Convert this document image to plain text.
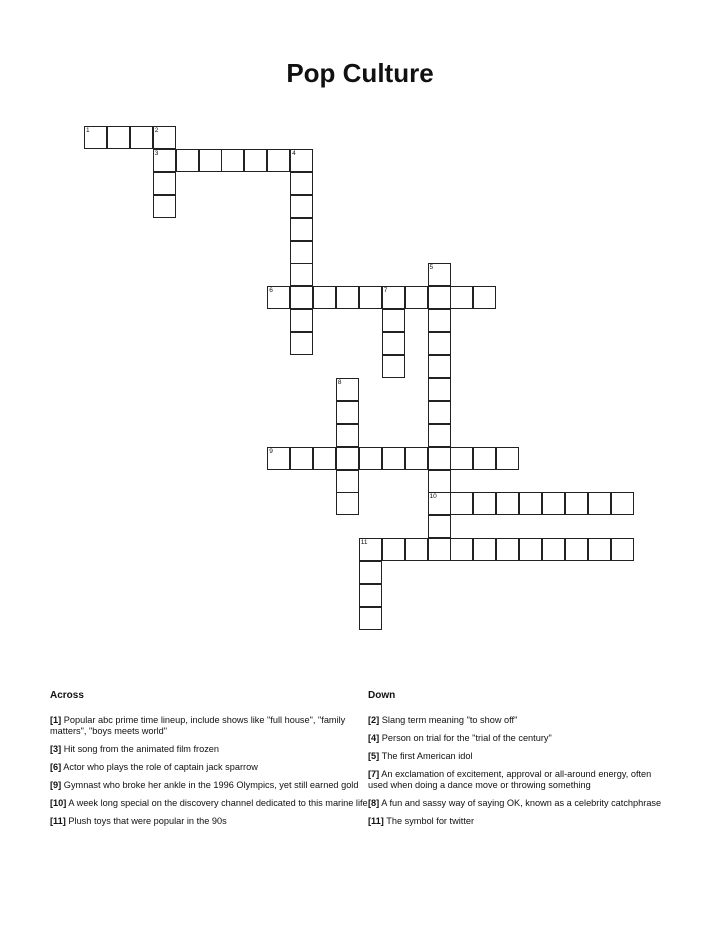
Pop Culture
1	2
3	4
5
10
6	7
8
9
11
Across
[1] Popular abc prime time lineup, include shows like "full house", "family matters", "boys meets world"
[3] Hit song from the animated film frozen
[6] Actor who plays the role of captain jack sparrow
[9] Gymnast who broke her ankle in the 1996 Olympics, yet still earned gold
[10] A week long special on the discovery channel dedicated to this marine life
[11] Plush toys that were popular in the 90s
Down
[2] Slang term meaning "to show off"
[4] Person on trial for the "trial of the century"
[5] The first American idol
[7] An exclamation of excitement, approval or all-around energy, often used when doing a dance move or throwing something
[8] A fun and sassy way of saying OK, known as a celebrity catchphrase
[11] The symbol for twitter
